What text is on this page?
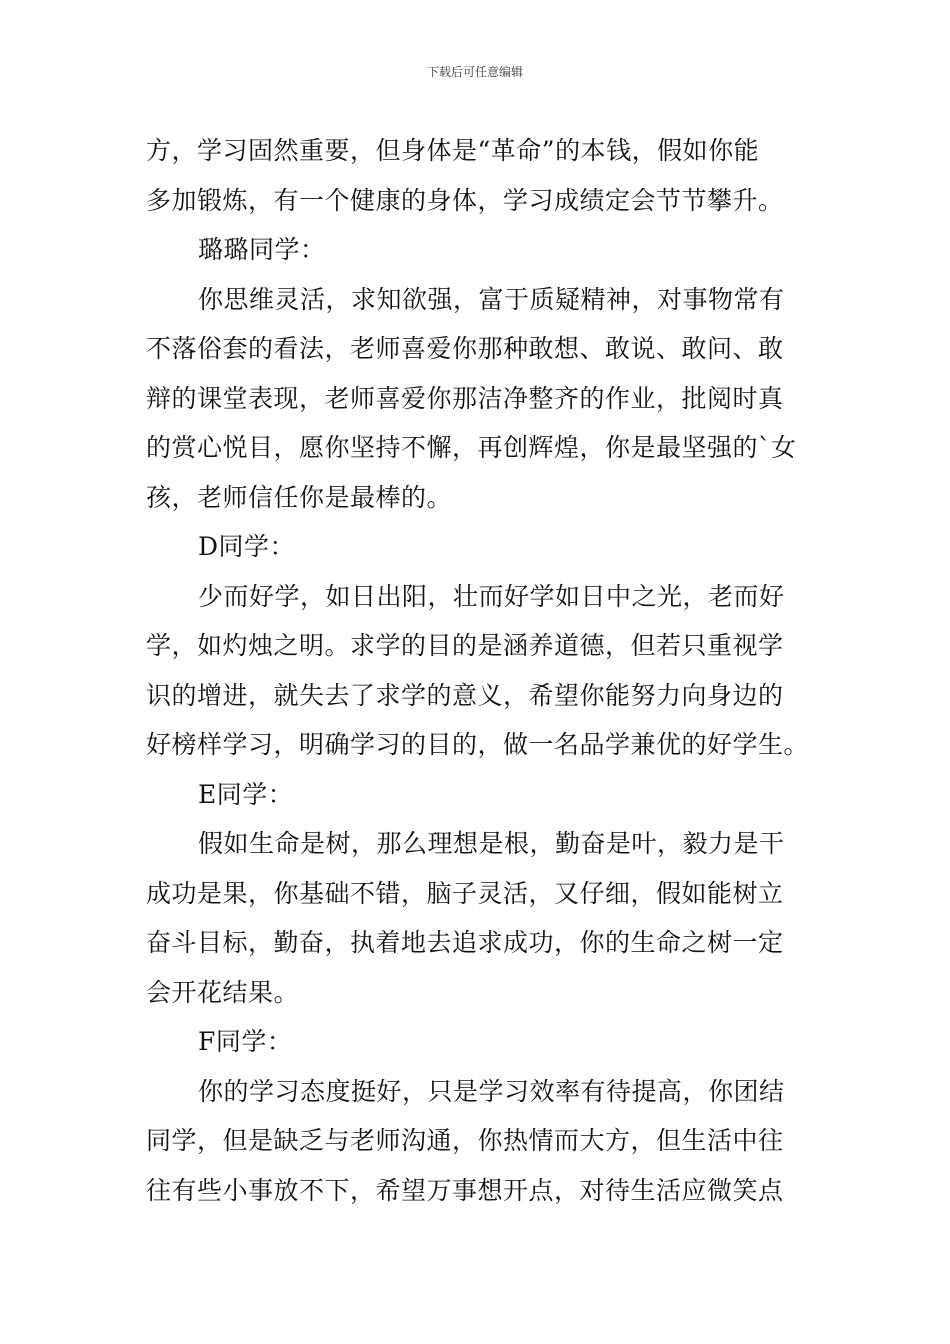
下载后可任意编辑
方，学习固然重要，但身体是“革命”的本钱，假如你能
多加锻炼，有一个健康的身体，学习成绩定会节节攀升。
璐璐同学：
你思维灵活，求知欲强，富于质疑精神，对事物常有
不落俗套的看法，老师喜爱你那种敢想、敢说、敢问、敢
辩的课堂表现，老师喜爱你那洁净整齐的作业，批阅时真
的赏心悦目，愿你坚持不懈，再创辉煌，你是最坚强的`女
孩，老师信任你是最棒的。
D同学：
少而好学，如日出阳，壮而好学如日中之光，老而好
学，如灼烛之明。求学的目的是涵养道德，但若只重视学
识的增进，就失去了求学的意义，希望你能努力向身边的
好榜样学习，明确学习的目的，做一名品学兼优的好学生。
E同学：
假如生命是树，那么理想是根，勤奋是叶，毅力是干
成功是果，你基础不错，脑子灵活，又仔细，假如能树立
奋斗目标，勤奋，执着地去追求成功，你的生命之树一定
会开花结果。
F同学：
你的学习态度挺好，只是学习效率有待提高，你团结
同学，但是缺乏与老师沟通，你热情而大方，但生活中往
往有些小事放不下，希望万事想开点，对待生活应微笑点
